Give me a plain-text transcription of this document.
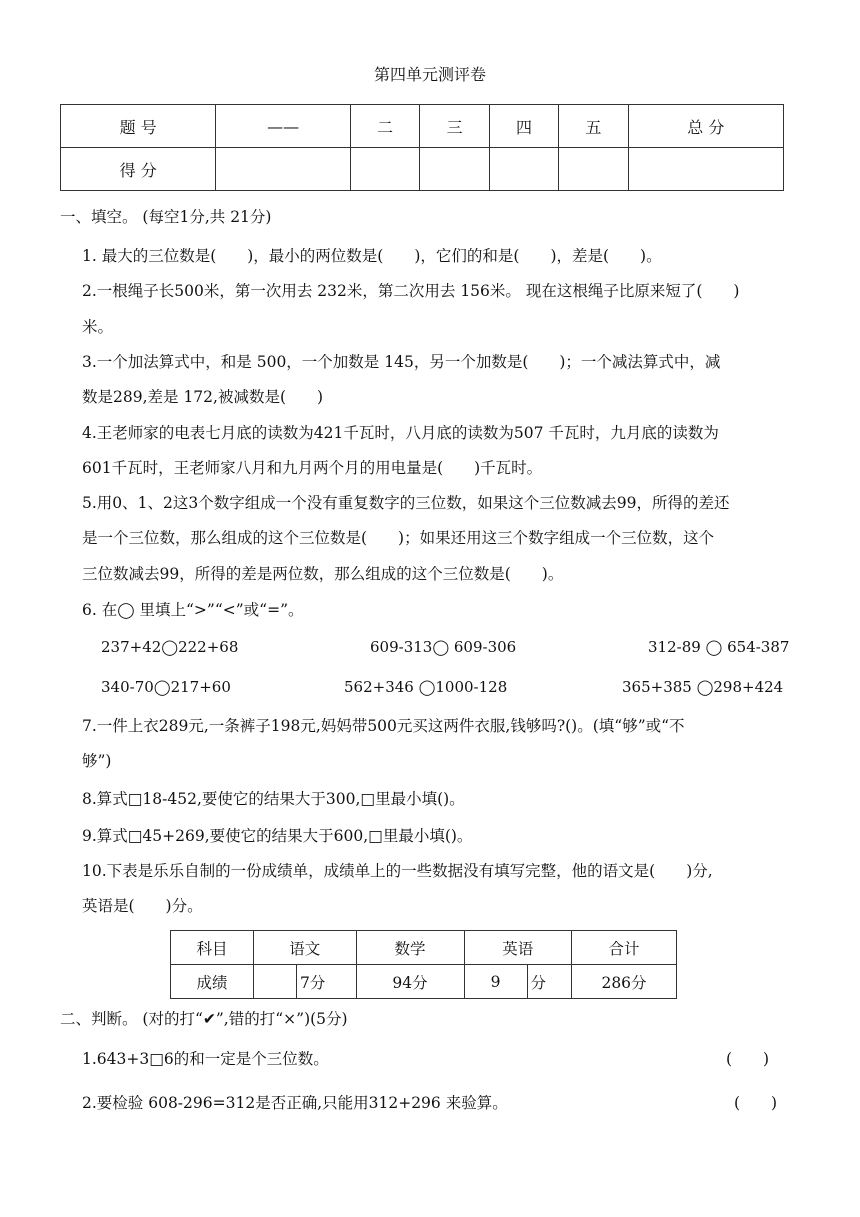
第四单元测评卷
题 号	——	二	三	四	五	总 分
得 分						
一、填空。 (每空1分,共 21分)
1. 最大的三位数是(　　)，最小的两位数是(　　)，它们的和是(　　)，差是(　　)。
2.一根绳子长500米，第一次用去 232米，第二次用去 156米。 现在这根绳子比原来短了(　　)
米。
3.一个加法算式中，和是 500，一个加数是 145，另一个加数是(　　)；一个减法算式中，减
数是289,差是 172,被减数是(　　)
4.王老师家的电表七月底的读数为421千瓦时，八月底的读数为507 千瓦时，九月底的读数为
601千瓦时，王老师家八月和九月两个月的用电量是(　　)千瓦时。
5.用0、1、2这3个数字组成一个没有重复数字的三位数，如果这个三位数减去99，所得的差还
是一个三位数，那么组成的这个三位数是(　　)；如果还用这三个数字组成一个三位数，这个
三位数减去99，所得的差是两位数，那么组成的这个三位数是(　　)。
6. 在◯ 里填上“>”“<”或“=”。
237+42◯222+68	609-313◯ 609-306	312-89 ◯ 654-387
340-70◯217+60	562+346 ◯1000-128	365+385 ◯298+424
7.一件上衣289元,一条裤子198元,妈妈带500元买这两件衣服,钱够吗?()。(填“够”或“不
够”)
8.算式□18-452,要使它的结果大于300,□里最小填()。
9.算式□45+269,要使它的结果大于600,□里最小填()。
10.下表是乐乐自制的一份成绩单，成绩单上的一些数据没有填写完整，他的语文是(　　)分,
英语是(　　)分。
科目	语文		数学	英语		合计
成绩		7分	94分	9	分	286分
二、判断。 (对的打“✔”,错的打“×”)(5分)
1.643+3□6的和一定是个三位数。	(　　)
2.要检验 608-296=312是否正确,只能用312+296 来验算。	(　　)
